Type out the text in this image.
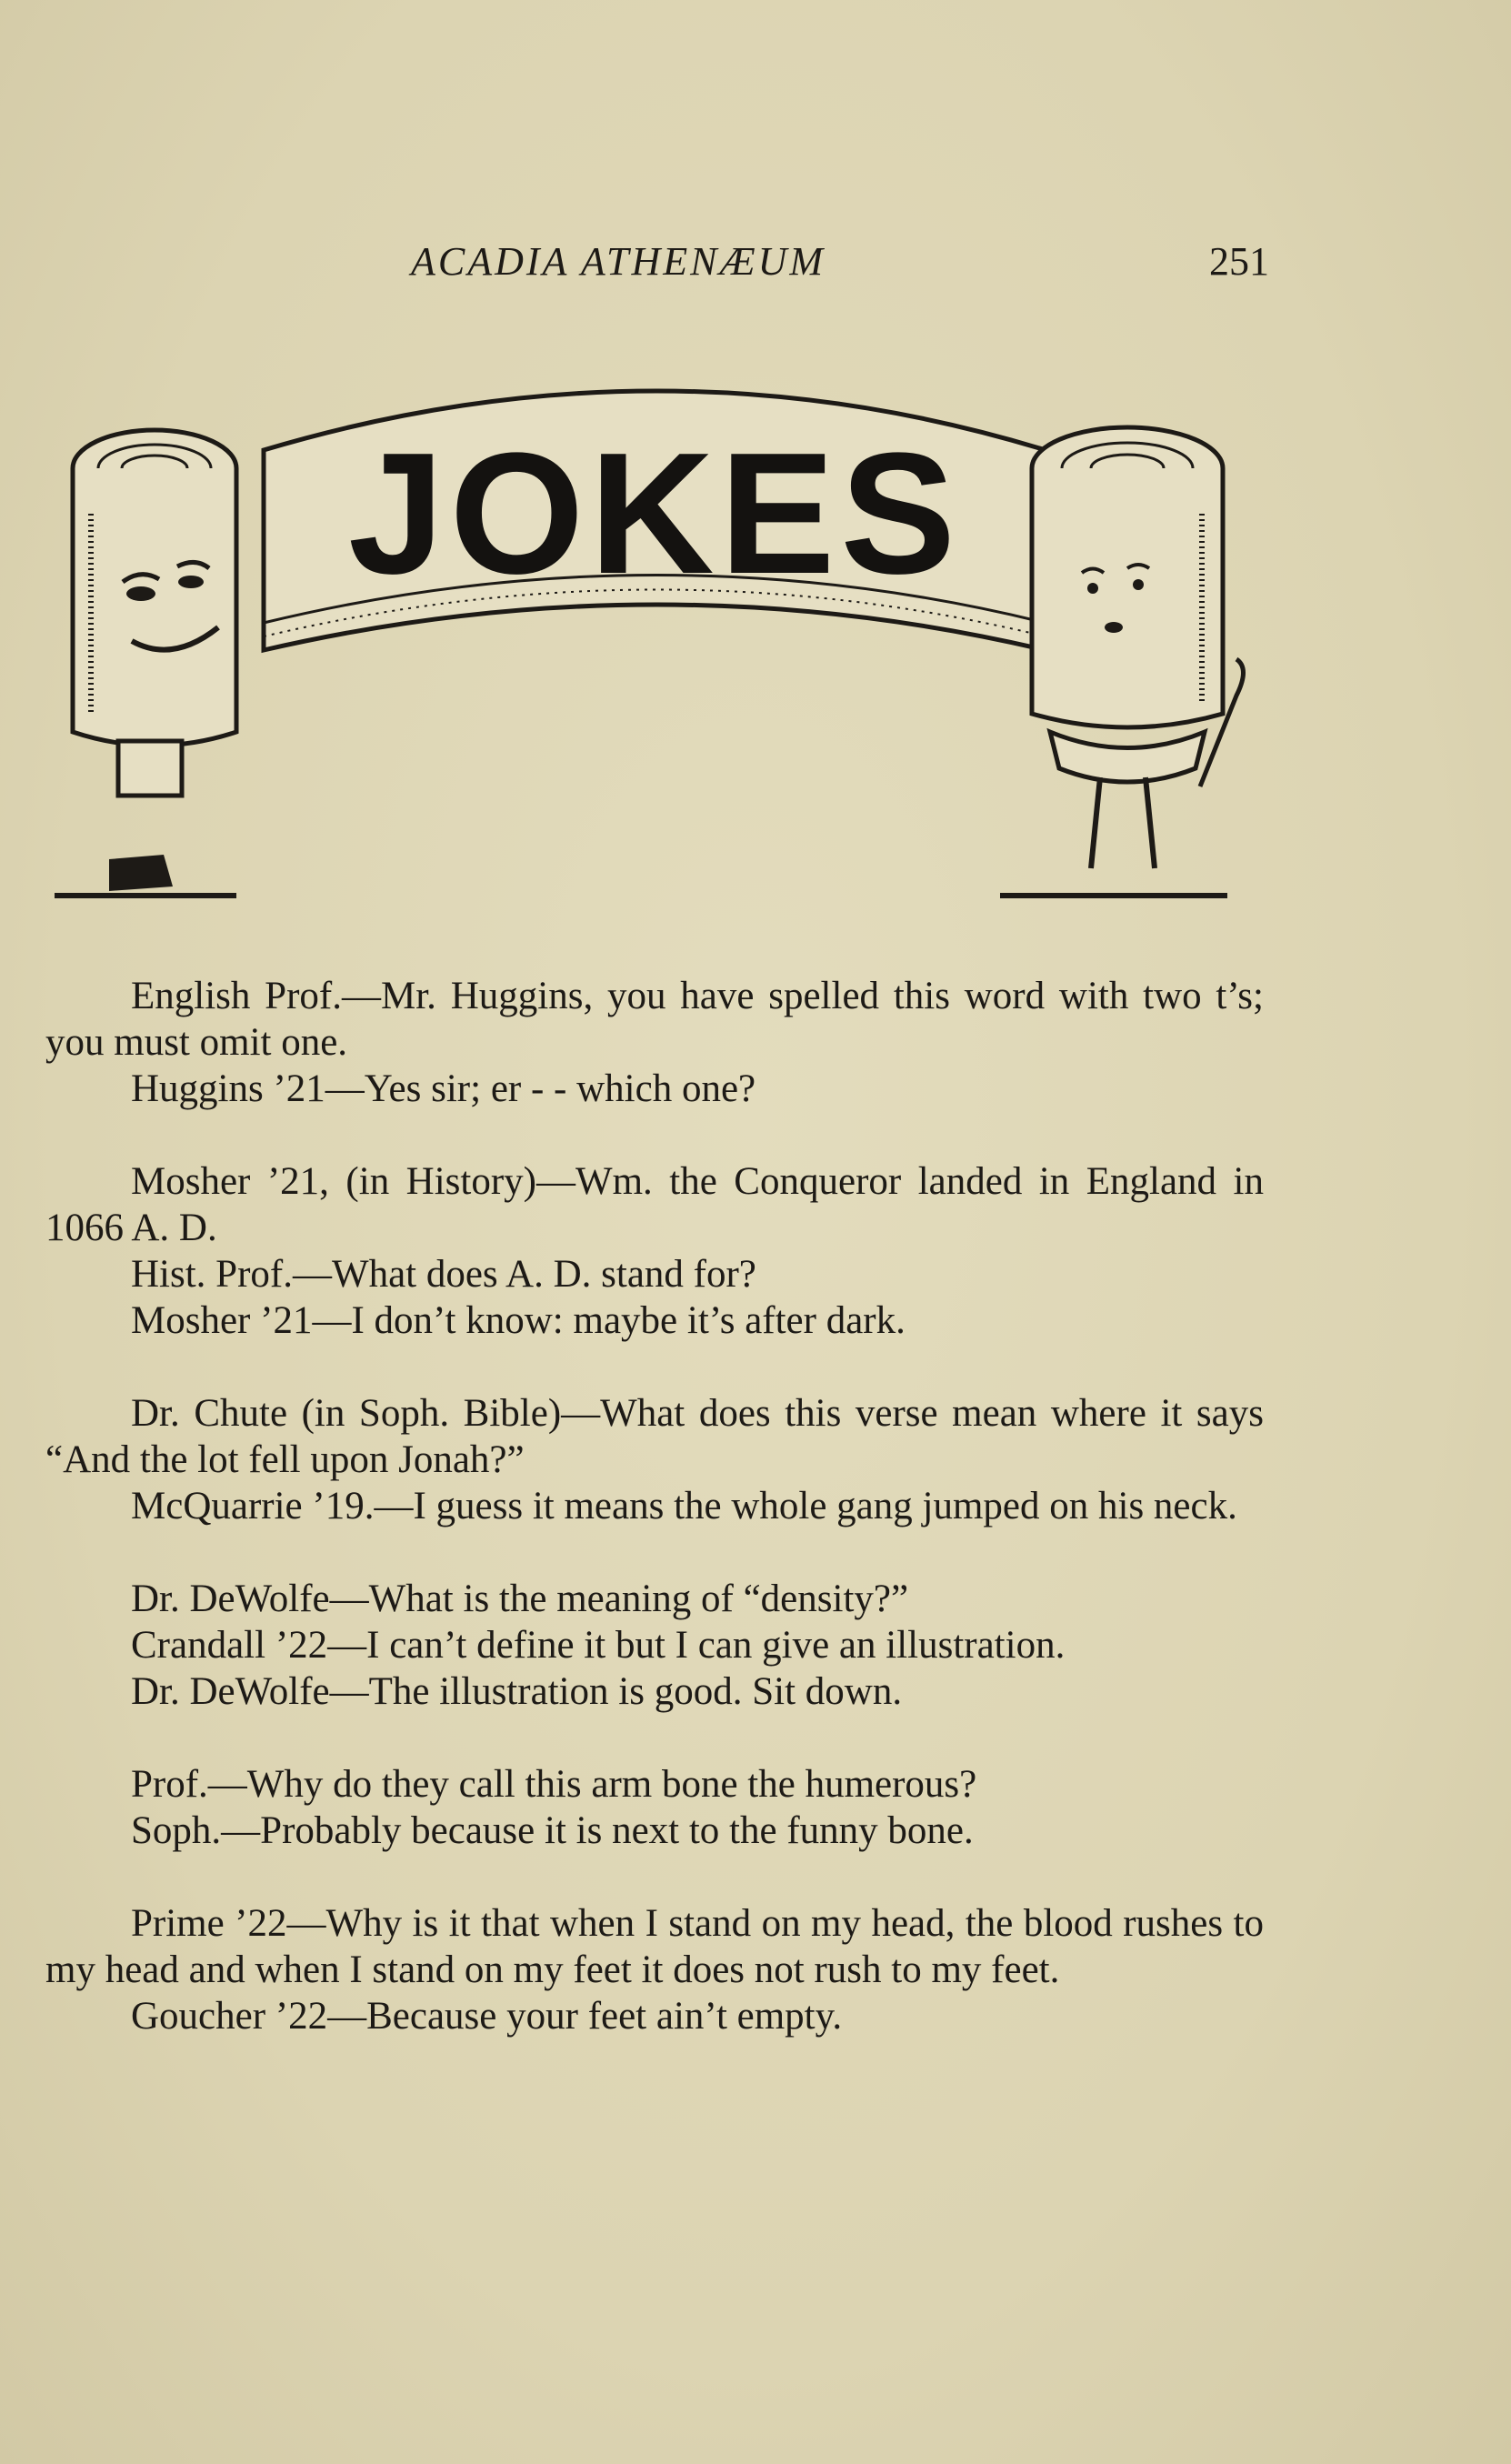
ACADIA ATHENÆUM	251
JOKES

English Prof.—Mr. Huggins, you have spelled this word with two t’s; you must omit one.

Huggins ’21—Yes sir; er - - which one?

Mosher ’21, (in History)—Wm. the Conqueror landed in England in 1066 A. D.

Hist. Prof.—What does A. D. stand for?

Mosher ’21—I don’t know: maybe it’s after dark.

Dr. Chute (in Soph. Bible)—What does this verse mean where it says “And the lot fell upon Jonah?”

McQuarrie ’19.—I guess it means the whole gang jumped on his neck.

Dr. DeWolfe—What is the meaning of “density?”

Crandall ’22—I can’t define it but I can give an illustration.

Dr. DeWolfe—The illustration is good. Sit down.

Prof.—Why do they call this arm bone the humerous?

Soph.—Probably because it is next to the funny bone.

Prime ’22—Why is it that when I stand on my head, the blood rushes to my head and when I stand on my feet it does not rush to my feet.

Goucher ’22—Because your feet ain’t empty.
